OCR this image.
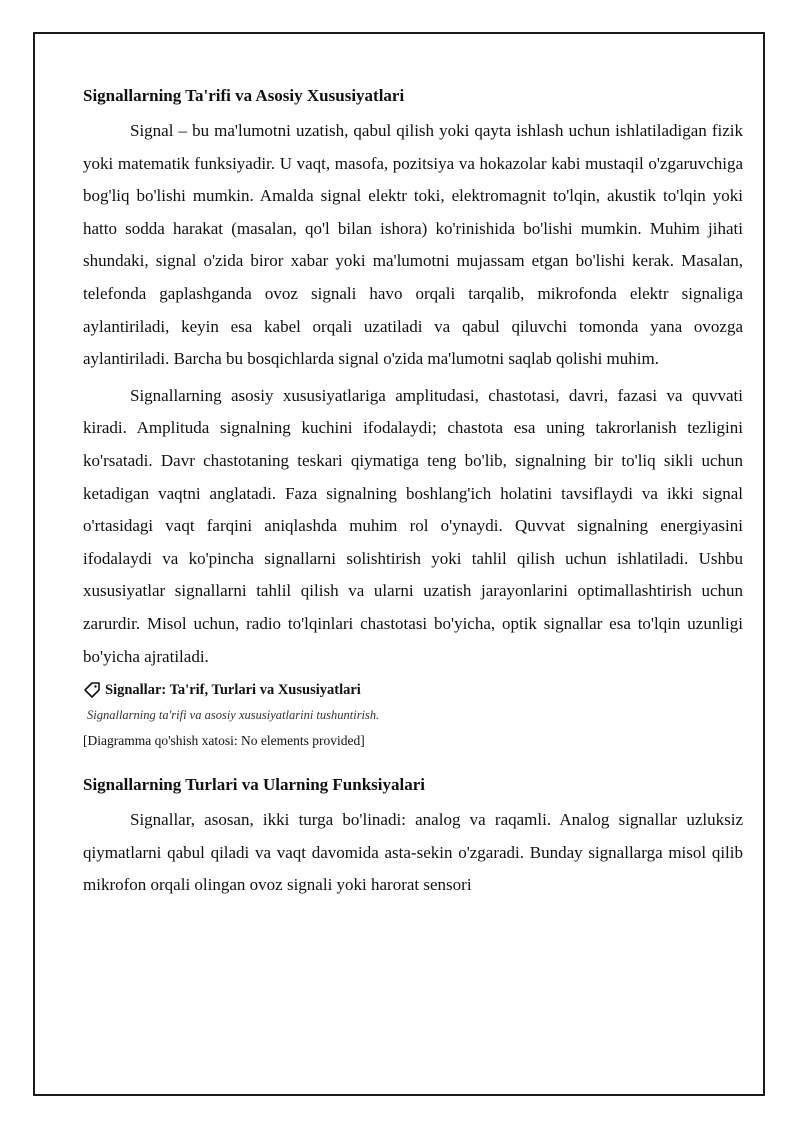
Signallarning Ta'rifi va Asosiy Xususiyatlari

Signal – bu ma'lumotni uzatish, qabul qilish yoki qayta ishlash uchun ishlatiladigan fizik yoki matematik funksiyadir. U vaqt, masofa, pozitsiya va hokazolar kabi mustaqil o'zgaruvchiga bog'liq bo'lishi mumkin. Amalda signal elektr toki, elektromagnit to'lqin, akustik to'lqin yoki hatto sodda harakat (masalan, qo'l bilan ishora) ko'rinishida bo'lishi mumkin. Muhim jihati shundaki, signal o'zida biror xabar yoki ma'lumotni mujassam etgan bo'lishi kerak. Masalan, telefonda gaplashganda ovoz signali havo orqali tarqalib, mikrofonda elektr signaliga aylantiriladi, keyin esa kabel orqali uzatiladi va qabul qiluvchi tomonda yana ovozga aylantiriladi. Barcha bu bosqichlarda signal o'zida ma'lumotni saqlab qolishi muhim.

Signallarning asosiy xususiyatlariga amplitudasi, chastotasi, davri, fazasi va quvvati kiradi. Amplituda signalning kuchini ifodalaydi; chastota esa uning takrorlanish tezligini ko'rsatadi. Davr chastotaning teskari qiymatiga teng bo'lib, signalning bir to'liq sikli uchun ketadigan vaqtni anglatadi. Faza signalning boshlang'ich holatini tavsiflaydi va ikki signal o'rtasidagi vaqt farqini aniqlashda muhim rol o'ynaydi. Quvvat signalning energiyasini ifodalaydi va ko'pincha signallarni solishtirish yoki tahlil qilish uchun ishlatiladi. Ushbu xususiyatlar signallarni tahlil qilish va ularni uzatish jarayonlarini optimallashtirish uchun zarurdir. Misol uchun, radio to'lqinlari chastotasi bo'yicha, optik signallar esa to'lqin uzunligi bo'yicha ajratiladi.

Signallar: Ta'rif, Turlari va Xususiyatlari
Signallarning ta'rifi va asosiy xususiyatlarini tushuntirish.
[Diagramma qo'shish xatosi: No elements provided]
Signallarning Turlari va Ularning Funksiyalari

Signallar, asosan, ikki turga bo'linadi: analog va raqamli. Analog signallar uzluksiz qiymatlarni qabul qiladi va vaqt davomida asta-sekin o'zgaradi. Bunday signallarga misol qilib mikrofon orqali olingan ovoz signali yoki harorat sensori
